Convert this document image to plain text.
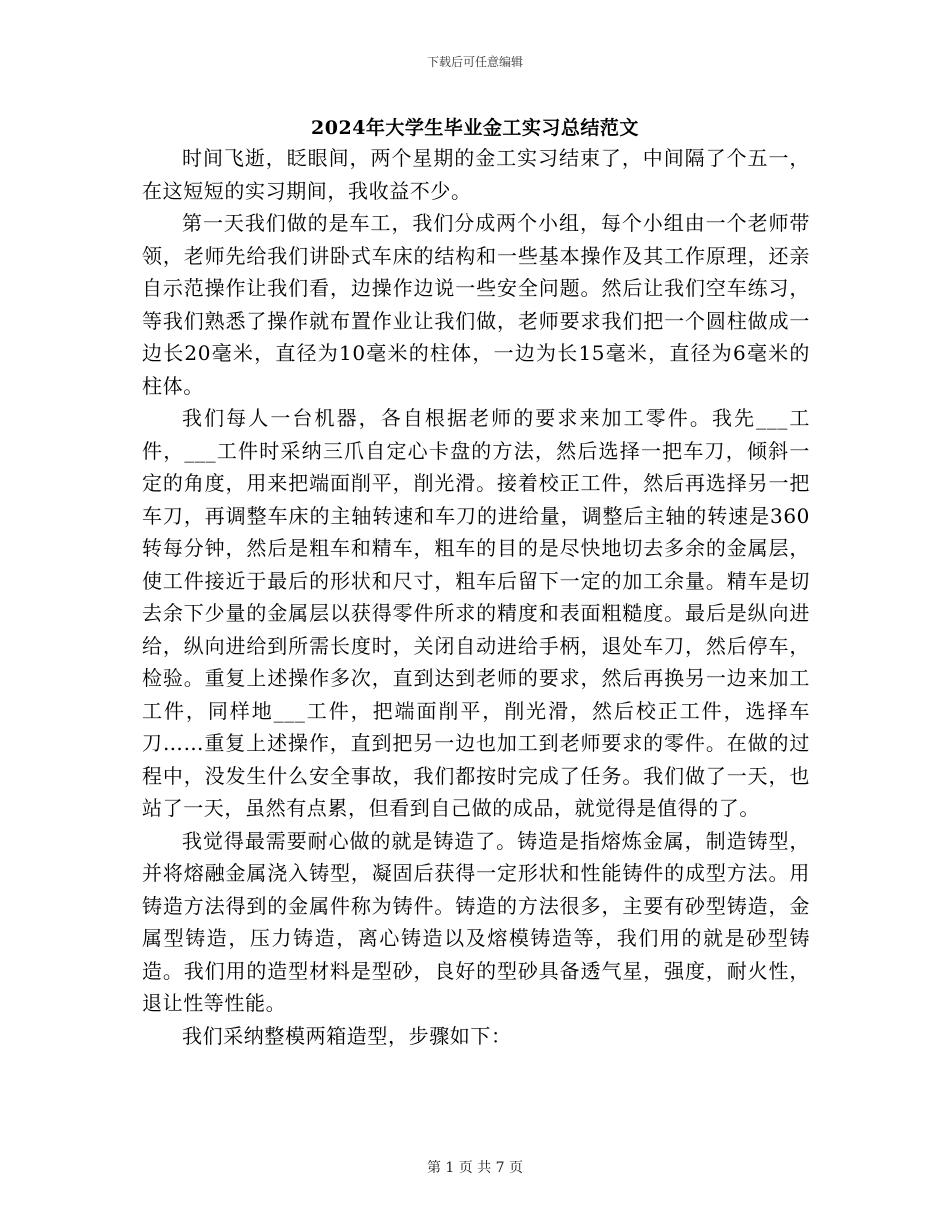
下载后可任意编辑
2024年大学生毕业金工实习总结范文

时间飞逝，眨眼间，两个星期的金工实习结束了，中间隔了个五一，在这短短的实习期间，我收益不少。

第一天我们做的是车工，我们分成两个小组，每个小组由一个老师带领，老师先给我们讲卧式车床的结构和一些基本操作及其工作原理，还亲自示范操作让我们看，边操作边说一些安全问题。然后让我们空车练习，等我们熟悉了操作就布置作业让我们做，老师要求我们把一个圆柱做成一边长20毫米，直径为10毫米的柱体，一边为长15毫米，直径为6毫米的柱体。

我们每人一台机器，各自根据老师的要求来加工零件。我先___工件，___工件时采纳三爪自定心卡盘的方法，然后选择一把车刀，倾斜一定的角度，用来把端面削平，削光滑。接着校正工件，然后再选择另一把车刀，再调整车床的主轴转速和车刀的进给量，调整后主轴的转速是360转每分钟，然后是粗车和精车，粗车的目的是尽快地切去多余的金属层，使工件接近于最后的形状和尺寸，粗车后留下一定的加工余量。精车是切去余下少量的金属层以获得零件所求的精度和表面粗糙度。最后是纵向进给，纵向进给到所需长度时，关闭自动进给手柄，退处车刀，然后停车，检验。重复上述操作多次，直到达到老师的要求，然后再换另一边来加工工件，同样地___工件，把端面削平，削光滑，然后校正工件，选择车刀……重复上述操作，直到把另一边也加工到老师要求的零件。在做的过程中，没发生什么安全事故，我们都按时完成了任务。我们做了一天，也站了一天，虽然有点累，但看到自己做的成品，就觉得是值得的了。

我觉得最需要耐心做的就是铸造了。铸造是指熔炼金属，制造铸型，并将熔融金属浇入铸型，凝固后获得一定形状和性能铸件的成型方法。用铸造方法得到的金属件称为铸件。铸造的方法很多，主要有砂型铸造，金属型铸造，压力铸造，离心铸造以及熔模铸造等，我们用的就是砂型铸造。我们用的造型材料是型砂，良好的型砂具备透气星，强度，耐火性，退让性等性能。

我们采纳整模两箱造型，步骤如下：

第 1 页 共 7 页
